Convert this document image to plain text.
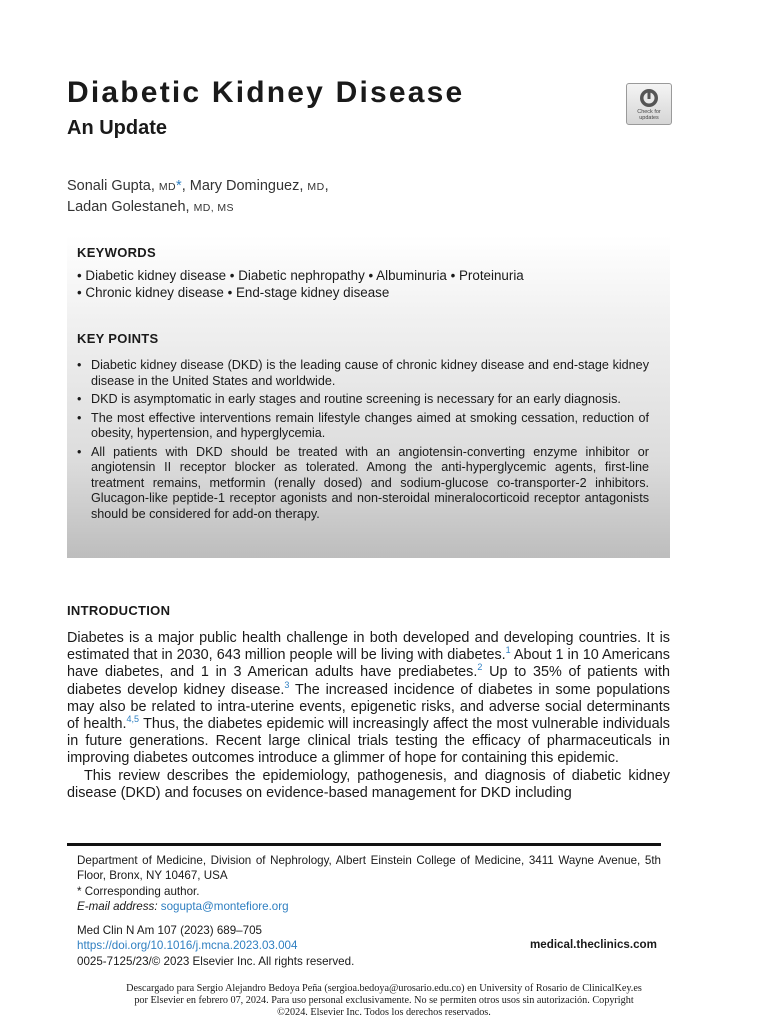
Diabetic Kidney Disease
An Update
Check for updates
Sonali Gupta, MD*, Mary Dominguez, MD,
Ladan Golestaneh, MD, MS
KEYWORDS
• Diabetic kidney disease • Diabetic nephropathy • Albuminuria • Proteinuria
• Chronic kidney disease • End-stage kidney disease
KEY POINTS
• Diabetic kidney disease (DKD) is the leading cause of chronic kidney disease and end-stage kidney disease in the United States and worldwide.
• DKD is asymptomatic in early stages and routine screening is necessary for an early diagnosis.
• The most effective interventions remain lifestyle changes aimed at smoking cessation, reduction of obesity, hypertension, and hyperglycemia.
• All patients with DKD should be treated with an angiotensin-converting enzyme inhibitor or angiotensin II receptor blocker as tolerated. Among the anti-hyperglycemic agents, first-line treatment remains, metformin (renally dosed) and sodium-glucose co-transporter-2 inhibitors. Glucagon-like peptide-1 receptor agonists and non-steroidal mineralocorticoid receptor antagonists should be considered for add-on therapy.
INTRODUCTION

Diabetes is a major public health challenge in both developed and developing countries. It is estimated that in 2030, 643 million people will be living with diabetes.$^1$ About 1 in 10 Americans have diabetes, and 1 in 3 American adults have prediabetes.$^2$ Up to 35% of patients with diabetes develop kidney disease.$^3$ The increased incidence of diabetes in some populations may also be related to intra-uterine events, epigenetic risks, and adverse social determinants of health.$^{4,5}$ Thus, the diabetes epidemic will increasingly affect the most vulnerable individuals in future generations. Recent large clinical trials testing the efficacy of pharmaceuticals in improving diabetes outcomes introduce a glimmer of hope for containing this epidemic.

This review describes the epidemiology, pathogenesis, and diagnosis of diabetic kidney disease (DKD) and focuses on evidence-based management for DKD including

Department of Medicine, Division of Nephrology, Albert Einstein College of Medicine, 3411 Wayne Avenue, 5th Floor, Bronx, NY 10467, USA
* Corresponding author.
E-mail address: sogupta@montefiore.org
Med Clin N Am 107 (2023) 689–705
https://doi.org/10.1016/j.mcna.2023.03.004
0025-7125/23/© 2023 Elsevier Inc. All rights reserved.
medical.theclinics.com
Descargado para Sergio Alejandro Bedoya Peña (sergioa.bedoya@urosario.edu.co) en University of Rosario de ClinicalKey.es por Elsevier en febrero 07, 2024. Para uso personal exclusivamente. No se permiten otros usos sin autorización. Copyright ©2024. Elsevier Inc. Todos los derechos reservados.
